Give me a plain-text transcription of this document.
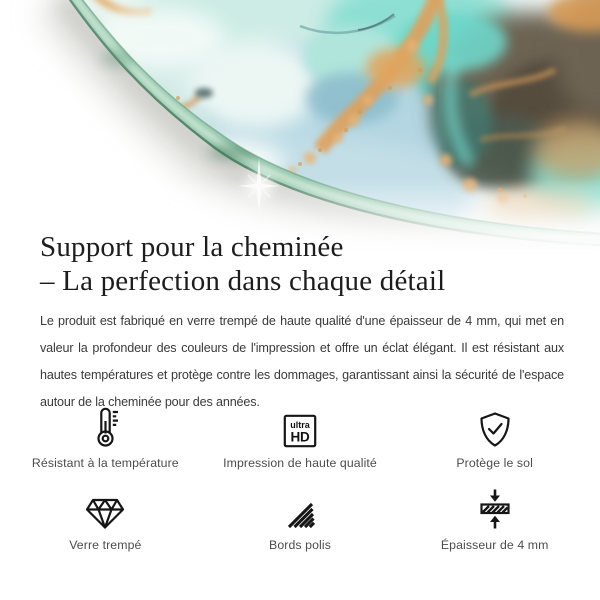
Support pour la cheminée
– La perfection dans chaque détail
Le produit est fabriqué en verre trempé de haute qualité d'une épaisseur de 4 mm, qui met en
valeur la profondeur des couleurs de l'impression et offre un éclat élégant. Il est résistant aux
hautes températures et protège contre les dommages, garantissant ainsi la sécurité de l'espace
autour de la cheminée pour des années.
Résistant à la température
ultra
HD
Impression de haute qualité	Protège le sol
Verre trempé	Bords polis	Épaisseur de 4 mm
